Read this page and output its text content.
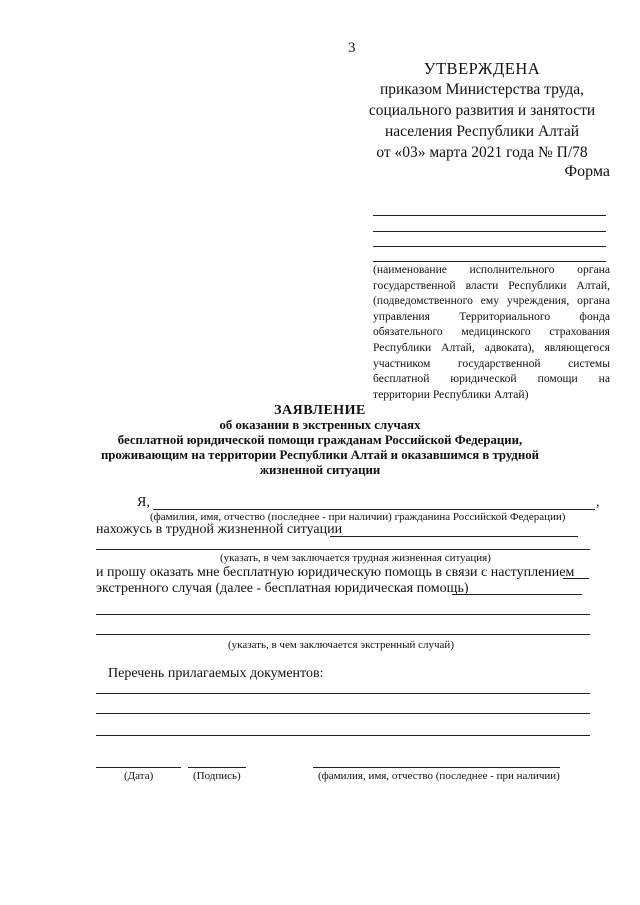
3
УТВЕРЖДЕНА
приказом Министерства труда,
социального развития и занятости
населения Республики Алтай
от «03» марта 2021 года № П/78
Форма
(наименование исполнительного органа государственной власти Республики Алтай, (подведомственного ему учреждения, органа управления Территориального фонда обязательного медицинского страхования Республики Алтай, адвоката), являющегося участником государственной системы бесплатной юридической помощи на территории Республики Алтай)
ЗАЯВЛЕНИЕ
об оказании в экстренных случаях
бесплатной юридической помощи гражданам Российской Федерации,
проживающим на территории Республики Алтай и оказавшимся в трудной
жизненной ситуации
Я,	,
(фамилия, имя, отчество (последнее - при наличии) гражданина Российской Федерации)
нахожусь в трудной жизненной ситуации
(указать, в чем заключается трудная жизненная ситуация)
и прошу оказать мне бесплатную юридическую помощь в связи с наступлением
экстренного случая (далее - бесплатная юридическая помощь)
(указать, в чем заключается экстренный случай)
Перечень прилагаемых документов:
(Дата)	(Подпись)	(фамилия, имя, отчество (последнее - при наличии)
